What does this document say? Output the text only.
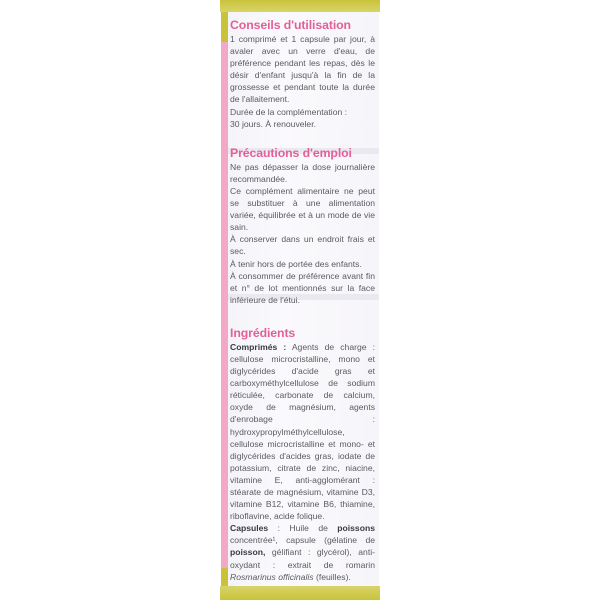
Conseils d'utilisation

1 comprimé et 1 capsule par jour, à avaler avec un verre d'eau, de préférence pendant les repas, dès le désir d'enfant jusqu'à la fin de la grossesse et pendant toute la durée de l'allaitement.

Durée de la complémentation :

30 jours. À renouveler.

Précautions d'emploi

Ne pas dépasser la dose journalière recommandée.

Ce complément alimentaire ne peut se substituer à une alimentation variée, équilibrée et à un mode de vie sain.

À conserver dans un endroit frais et sec.

À tenir hors de portée des enfants.

À consommer de préférence avant fin et n° de lot mentionnés sur la face inférieure de l'étui.

Ingrédients

Comprimés : Agents de charge : cellulose microcristalline, mono et diglycérides d'acide gras et carboxyméthylcellulose de sodium réticulée, carbonate de calcium, oxyde de magnésium, agents d'enrobage : hydroxypropylméthylcellulose, cellulose microcristalline et mono- et diglycérides d'acides gras, iodate de potassium, citrate de zinc, niacine, vitamine E, anti-agglomérant : stéarate de magnésium, vitamine D3, vitamine B12, vitamine B6, thiamine, riboflavine, acide folique.

Capsules : Huile de poissons concentrée¹, capsule (gélatine de poisson, gélifiant : glycérol), anti-oxydant : extrait de romarin Rosmarinus officinalis (feuilles).
